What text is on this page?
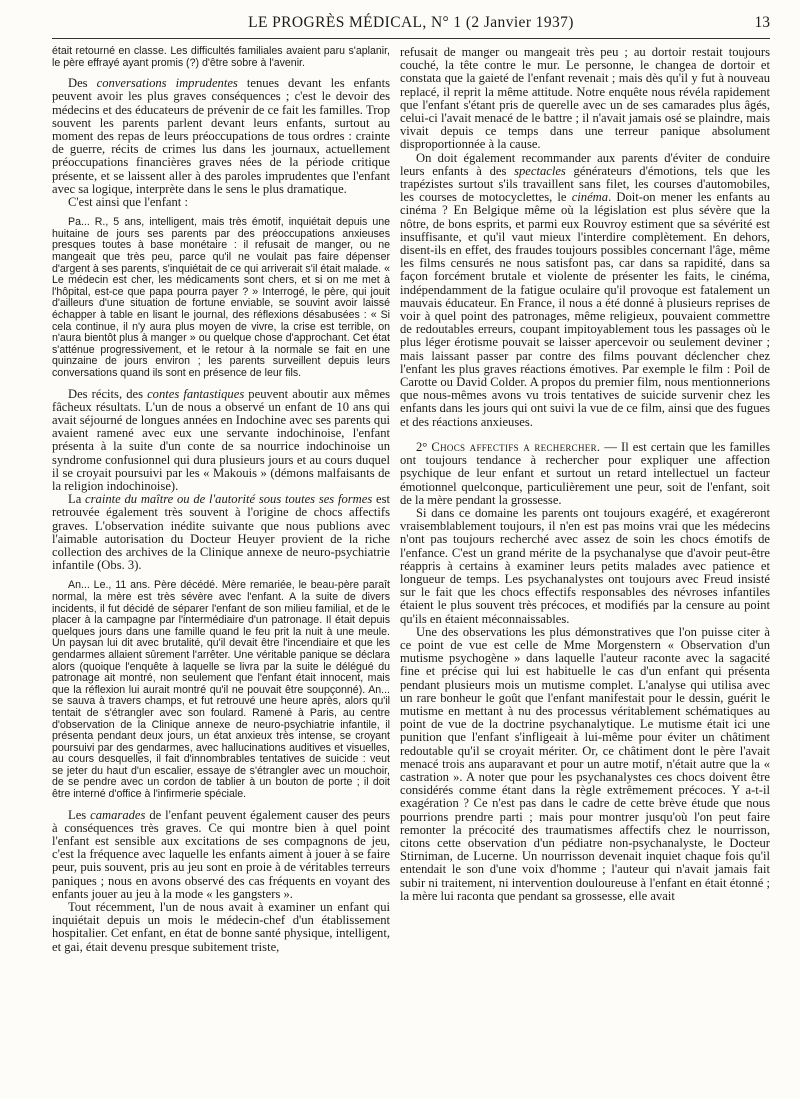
LE PROGRÈS MÉDICAL, N° 1 (2 Janvier 1937)	13

était retourné en classe. Les difficultés familiales avaient paru s'aplanir, le père effrayé ayant promis (?) d'être sobre à l'avenir.

Des conversations imprudentes tenues devant les enfants peuvent avoir les plus graves conséquences ; c'est le devoir des médecins et des éducateurs de prévenir de ce fait les familles. Trop souvent les parents parlent devant leurs enfants, surtout au moment des repas de leurs préoccupations de tous ordres : crainte de guerre, récits de crimes lus dans les journaux, actuellement préoccupations financières graves nées de la période critique présente, et se laissent aller à des paroles imprudentes que l'enfant avec sa logique, interprète dans le sens le plus dramatique.

C'est ainsi que l'enfant :

Pa... R., 5 ans, intelligent, mais très émotif, inquiétait depuis une huitaine de jours ses parents par des préoccupations anxieuses presques toutes à base monétaire : il refusait de manger, ou ne mangeait que très peu, parce qu'il ne voulait pas faire dépenser d'argent à ses parents, s'inquiétait de ce qui arriverait s'il était malade. « Le médecin est cher, les médicaments sont chers, et si on me met à l'hôpital, est-ce que papa pourra payer ? » Interrogé, le père, qui jouit d'ailleurs d'une situation de fortune enviable, se souvint avoir laissé échapper à table en lisant le journal, des réflexions désabusées : « Si cela continue, il n'y aura plus moyen de vivre, la crise est terrible, on n'aura bientôt plus à manger » ou quelque chose d'approchant. Cet état s'atténue progressivement, et le retour à la normale se fait en une quinzaine de jours environ ; les parents surveillent depuis leurs conversations quand ils sont en présence de leur fils.

Des récits, des contes fantastiques peuvent aboutir aux mêmes fâcheux résultats. L'un de nous a observé un enfant de 10 ans qui avait séjourné de longues années en Indochine avec ses parents qui avaient ramené avec eux une servante indochinoise, l'enfant présenta à la suite d'un conte de sa nourrice indochinoise un syndrome confusionnel qui dura plusieurs jours et au cours duquel il se croyait poursuivi par les « Makouis » (démons malfaisants de la religion indochinoise).

La crainte du maître ou de l'autorité sous toutes ses formes est retrouvée également très souvent à l'origine de chocs affectifs graves. L'observation inédite suivante que nous publions avec l'aimable autorisation du Docteur Heuyer provient de la riche collection des archives de la Clinique annexe de neuro-psychiatrie infantile (Obs. 3).

An... Le., 11 ans. Père décédé. Mère remariée, le beau-père paraît normal, la mère est très sévère avec l'enfant. A la suite de divers incidents, il fut décidé de séparer l'enfant de son milieu familial, et de le placer à la campagne par l'intermédiaire d'un patronage. Il était depuis quelques jours dans une famille quand le feu prit la nuit à une meule. Un paysan lui dit avec brutalité, qu'il devait être l'incendiaire et que les gendarmes allaient sûrement l'arrêter. Une véritable panique se déclara alors (quoique l'enquête à laquelle se livra par la suite le délégué du patronage ait montré, non seulement que l'enfant était innocent, mais que la réflexion lui aurait montré qu'il ne pouvait être soupçonné). An... se sauva à travers champs, et fut retrouvé une heure après, alors qu'il tentait de s'étrangler avec son foulard. Ramené à Paris, au centre d'observation de la Clinique annexe de neuro-psychiatrie infantile, il présenta pendant deux jours, un état anxieux très intense, se croyant poursuivi par des gendarmes, avec hallucinations auditives et visuelles, au cours desquelles, il fait d'innombrables tentatives de suicide : veut se jeter du haut d'un escalier, essaye de s'étrangler avec un mouchoir, de se pendre avec un cordon de tablier à un bouton de porte ; il doit être interné d'office à l'infirmerie spéciale.

Les camarades de l'enfant peuvent également causer des peurs à conséquences très graves. Ce qui montre bien à quel point l'enfant est sensible aux excitations de ses compagnons de jeu, c'est la fréquence avec laquelle les enfants aiment à jouer à se faire peur, puis souvent, pris au jeu sont en proie à de véritables terreurs paniques ; nous en avons observé des cas fréquents en voyant des enfants jouer au jeu à la mode « les gangsters ».

Tout récemment, l'un de nous avait à examiner un enfant qui inquiétait depuis un mois le médecin-chef d'un établissement hospitalier. Cet enfant, en état de bonne santé physique, intelligent, et gai, était devenu presque subitement triste,

refusait de manger ou mangeait très peu ; au dortoir restait toujours couché, la tête contre le mur. Le personne, le changea de dortoir et constata que la gaieté de l'enfant revenait ; mais dès qu'il y fut à nouveau replacé, il reprit la même attitude. Notre enquête nous révéla rapidement que l'enfant s'étant pris de querelle avec un de ses camarades plus âgés, celui-ci l'avait menacé de le battre ; il n'avait jamais osé se plaindre, mais vivait depuis ce temps dans une terreur panique absolument disproportionnée à la cause.

On doit également recommander aux parents d'éviter de conduire leurs enfants à des spectacles générateurs d'émotions, tels que les trapézistes surtout s'ils travaillent sans filet, les courses d'automobiles, les courses de motocyclettes, le cinéma. Doit-on mener les enfants au cinéma ? En Belgique même où la législation est plus sévère que la nôtre, de bons esprits, et parmi eux Rouvroy estiment que sa sévérité est insuffisante, et qu'il vaut mieux l'interdire complètement. En dehors, disent-ils en effet, des fraudes toujours possibles concernant l'âge, même les films censurés ne nous satisfont pas, car dans sa rapidité, dans sa façon forcément brutale et violente de présenter les faits, le cinéma, indépendamment de la fatigue oculaire qu'il provoque est fatalement un mauvais éducateur. En France, il nous a été donné à plusieurs reprises de voir à quel point des patronages, même religieux, pouvaient commettre de redoutables erreurs, coupant impitoyablement tous les passages où le plus léger érotisme pouvait se laisser apercevoir ou seulement deviner ; mais laissant passer par contre des films pouvant déclencher chez l'enfant les plus graves réactions émotives. Par exemple le film : Poil de Carotte ou David Colder. A propos du premier film, nous mentionnerions que nous-mêmes avons vu trois tentatives de suicide survenir chez les enfants dans les jours qui ont suivi la vue de ce film, ainsi que des fugues et des réactions anxieuses.

2° Chocs affectifs a rechercher. — Il est certain que les familles ont toujours tendance à rechercher pour expliquer une affection psychique de leur enfant et surtout un retard intellectuel un facteur émotionnel quelconque, particulièrement une peur, soit de l'enfant, soit de la mère pendant la grossesse.

Si dans ce domaine les parents ont toujours exagéré, et exagéreront vraisemblablement toujours, il n'en est pas moins vrai que les médecins n'ont pas toujours recherché avec assez de soin les chocs émotifs de l'enfance. C'est un grand mérite de la psychanalyse que d'avoir peut-être réappris à certains à examiner leurs petits malades avec patience et longueur de temps. Les psychanalystes ont toujours avec Freud insisté sur le fait que les chocs effectifs responsables des névroses infantiles étaient le plus souvent très précoces, et modifiés par la censure au point qu'ils en étaient méconnaissables.

Une des observations les plus démonstratives que l'on puisse citer à ce point de vue est celle de Mme Morgenstern « Observation d'un mutisme psychogène » dans laquelle l'auteur raconte avec la sagacité fine et précise qui lui est habituelle le cas d'un enfant qui présenta pendant plusieurs mois un mutisme complet. L'analyse qui utilisa avec un rare bonheur le goût que l'enfant manifestait pour le dessin, guérit le mutisme en mettant à nu des processus véritablement schématiques au point de vue de la doctrine psychanalytique. Le mutisme était ici une punition que l'enfant s'infligeait à lui-même pour éviter un châtiment redoutable qu'il se croyait mériter. Or, ce châtiment dont le père l'avait menacé trois ans auparavant et pour un autre motif, n'était autre que la « castration ». A noter que pour les psychanalystes ces chocs doivent être considérés comme étant dans la règle extrêmement précoces. Y a-t-il exagération ? Ce n'est pas dans le cadre de cette brève étude que nous pourrions prendre parti ; mais pour montrer jusqu'où l'on peut faire remonter la précocité des traumatismes affectifs chez le nourrisson, citons cette observation d'un pédiatre non-psychanalyste, le Docteur Stirniman, de Lucerne. Un nourrisson devenait inquiet chaque fois qu'il entendait le son d'une voix d'homme ; l'auteur qui n'avait jamais fait subir ni traitement, ni intervention douloureuse à l'enfant en était étonné ; la mère lui raconta que pendant sa grossesse, elle avait
